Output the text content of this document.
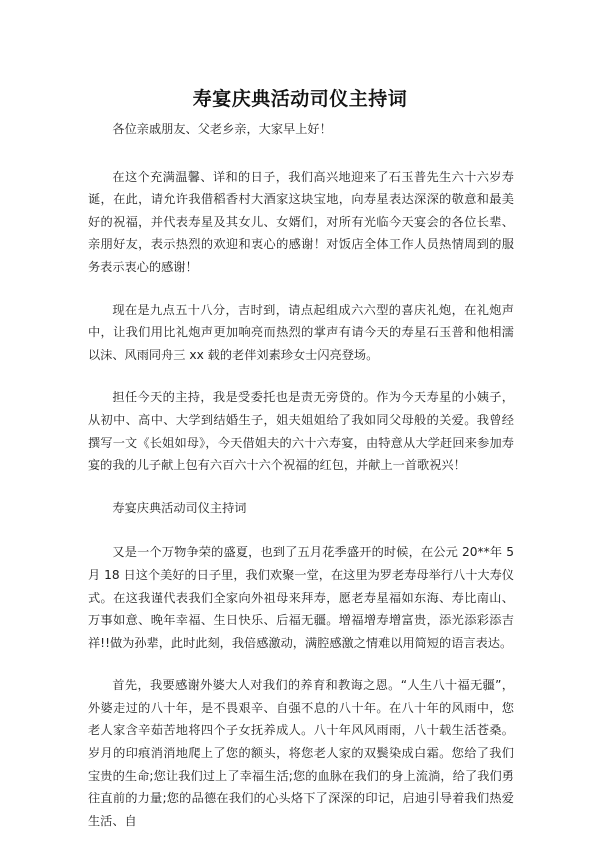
寿宴庆典活动司仪主持词

各位亲戚朋友、父老乡亲，大家早上好！

在这个充满温馨、详和的日子，我们高兴地迎来了石玉普先生六十六岁寿诞，在此，请允许我借稻香村大酒家这块宝地，向寿星表达深深的敬意和最美好的祝福，并代表寿星及其女儿、女婿们，对所有光临今天宴会的各位长辈、亲朋好友，表示热烈的欢迎和衷心的感谢！对饭店全体工作人员热情周到的服务表示衷心的感谢！

现在是九点五十八分，吉时到，请点起组成六六型的喜庆礼炮，在礼炮声中，让我们用比礼炮声更加响亮而热烈的掌声有请今天的寿星石玉普和他相濡以沫、风雨同舟三 xx 载的老伴刘素珍女士闪亮登场。

担任今天的主持，我是受委托也是责无旁贷的。作为今天寿星的小姨子，从初中、高中、大学到结婚生子，姐夫姐姐给了我如同父母般的关爱。我曾经撰写一文《长姐如母》，今天借姐夫的六十六寿宴，由特意从大学赶回来参加寿宴的我的儿子献上包有六百六十六个祝福的红包，并献上一首歌祝兴！

寿宴庆典活动司仪主持词

又是一个万物争荣的盛夏，也到了五月花季盛开的时候，在公元 20**年 5 月 18 日这个美好的日子里，我们欢聚一堂，在这里为罗老寿母举行八十大寿仪式。在这我谨代表我们全家向外祖母来拜寿，愿老寿星福如东海、寿比南山、万事如意、晚年幸福、生日快乐、后福无疆。增福增寿增富贵，添光添彩添吉祥!!做为孙辈，此时此刻，我倍感激动，满腔感激之情难以用简短的语言表达。

首先，我要感谢外婆大人对我们的养育和教诲之恩。“人生八十福无疆”，外婆走过的八十年，是不畏艰辛、自强不息的八十年。在八十年的风雨中，您老人家含辛茹苦地将四个子女抚养成人。八十年风风雨雨，八十载生活苍桑。岁月的印痕消消地爬上了您的额头，将您老人家的双鬓染成白霜。您给了我们宝贵的生命;您让我们过上了幸福生活;您的血脉在我们的身上流淌，给了我们勇往直前的力量;您的品德在我们的心头烙下了深深的印记，启迪引导着我们热爱生活、自
